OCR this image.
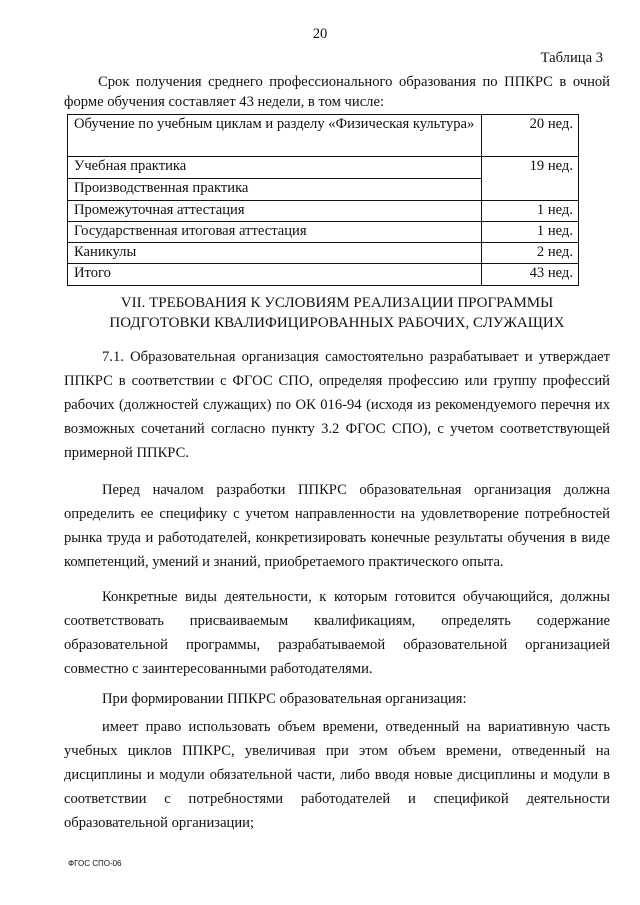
20
Таблица 3

Срок получения среднего профессионального образования по ППКРС в очной форме обучения составляет 43 недели, в том числе:

Обучение по учебным циклам и разделу «Физическая культура»	20 нед.
Учебная практика	19 нед.
Производственная практика	
Промежуточная аттестация	1 нед.
Государственная итоговая аттестация	1 нед.
Каникулы	2 нед.
Итого	43 нед.
VII. ТРЕБОВАНИЯ К УСЛОВИЯМ РЕАЛИЗАЦИИ ПРОГРАММЫ
ПОДГОТОВКИ КВАЛИФИЦИРОВАННЫХ РАБОЧИХ, СЛУЖАЩИХ

7.1. Образовательная организация самостоятельно разрабатывает и утверждает ППКРС в соответствии с ФГОС СПО, определяя профессию или группу профессий рабочих (должностей служащих) по ОК 016-94 (исходя из рекомендуемого перечня их возможных сочетаний согласно пункту 3.2 ФГОС СПО), с учетом соответствующей примерной ППКРС.

Перед началом разработки ППКРС образовательная организация должна определить ее специфику с учетом направленности на удовлетворение потребностей рынка труда и работодателей, конкретизировать конечные результаты обучения в виде компетенций, умений и знаний, приобретаемого практического опыта.

Конкретные виды деятельности, к которым готовится обучающийся, должны соответствовать присваиваемым квалификациям, определять содержание образовательной программы, разрабатываемой образовательной организацией совместно с заинтересованными работодателями.

При формировании ППКРС образовательная организация:

имеет право использовать объем времени, отведенный на вариативную часть учебных циклов ППКРС, увеличивая при этом объем времени, отведенный на дисциплины и модули обязательной части, либо вводя новые дисциплины и модули в соответствии с потребностями работодателей и спецификой деятельности образовательной организации;

ФГОС СПО-06
